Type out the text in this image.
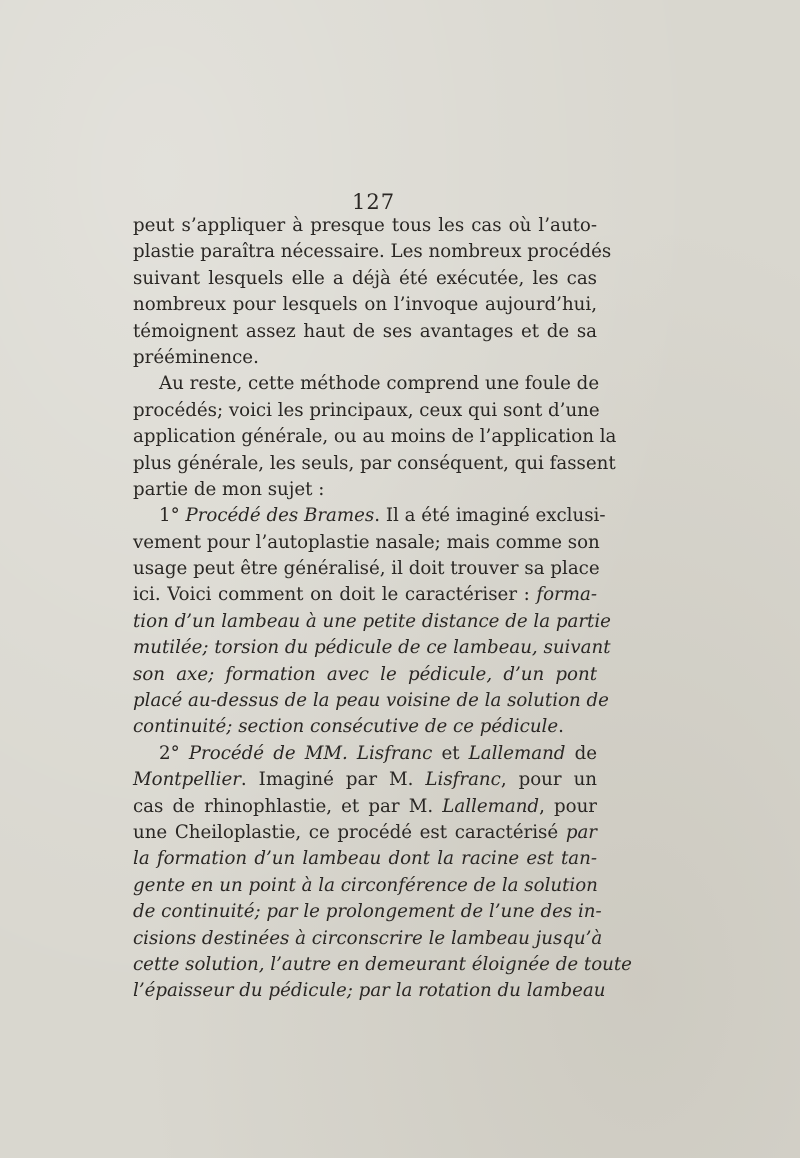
127
peut s’appliquer à presque tous les cas où l’auto-
plastie paraîtra nécessaire. Les nombreux procédés
suivant lesquels elle a déjà été exécutée, les cas
nombreux pour lesquels on l’invoque aujourd’hui,
témoignent assez haut de ses avantages et de sa
prééminence.
Au reste, cette méthode comprend une foule de
procédés; voici les principaux, ceux qui sont d’une
application générale, ou au moins de l’application la
plus générale, les seuls, par conséquent, qui fassent
partie de mon sujet :
1° Procédé des Brames. Il a été imaginé exclusi-
vement pour l’autoplastie nasale; mais comme son
usage peut être généralisé, il doit trouver sa place
ici. Voici comment on doit le caractériser : forma-
tion d’un lambeau à une petite distance de la partie
mutilée; torsion du pédicule de ce lambeau, suivant
son axe; formation avec le pédicule, d’un pont
placé au-dessus de la peau voisine de la solution de
continuité; section consécutive de ce pédicule.
2° Procédé de MM. Lisfranc et Lallemand de
Montpellier. Imaginé par M. Lisfranc, pour un
cas de rhinophlastie, et par M. Lallemand, pour
une Cheiloplastie, ce procédé est caractérisé par
la formation d’un lambeau dont la racine est tan-
gente en un point à la circonférence de la solution
de continuité; par le prolongement de l’une des in-
cisions destinées à circonscrire le lambeau jusqu’à
cette solution, l’autre en demeurant éloignée de toute
l’épaisseur du pédicule; par la rotation du lambeau
